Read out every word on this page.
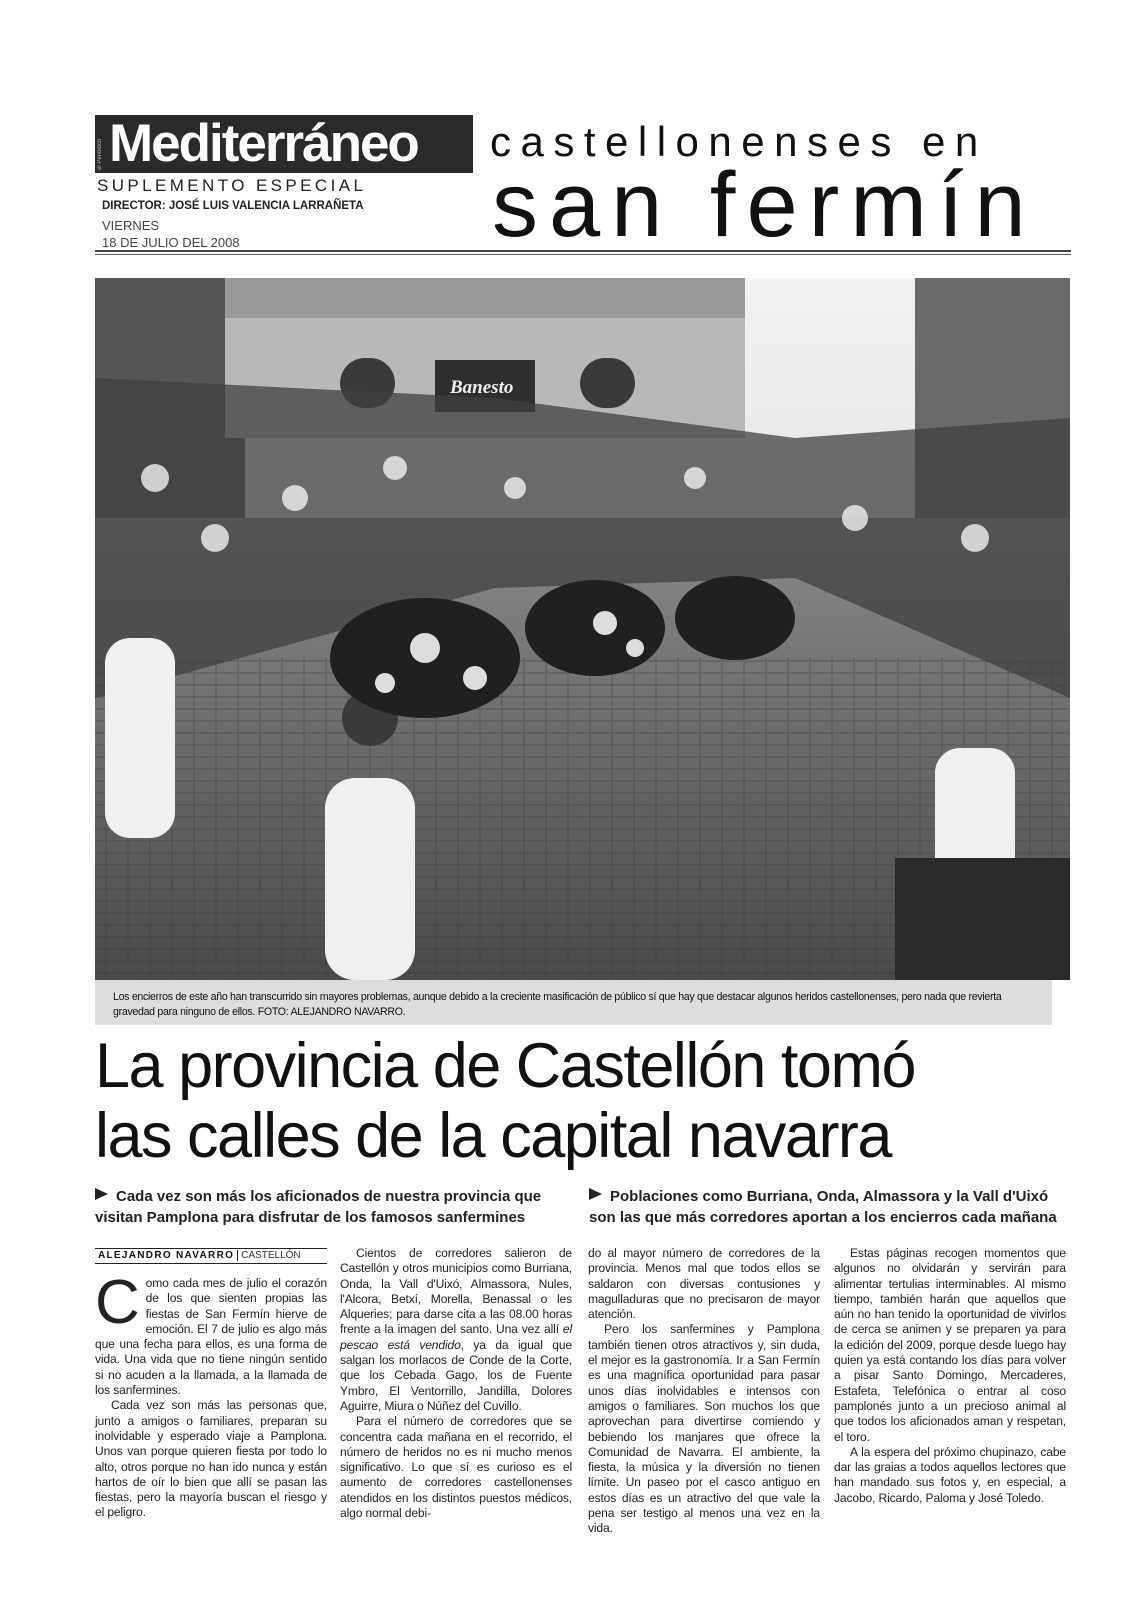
Mediterráneo
el Periódico
SUPLEMENTO ESPECIAL
DIRECTOR: JOSÉ LUIS VALENCIA LARRAÑETA
VIERNES
18 DE JULIO DEL 2008
castellonenses en
san fermín
Banesto
Los encierros de este año han transcurrido sin mayores problemas, aunque debido a la creciente masificación de público sí que hay que destacar algunos heridos castellonenses, pero nada que revierta gravedad para ninguno de ellos. FOTO: ALEJANDRO NAVARRO.
La provincia de Castellón tomó
las calles de la capital navarra
Cada vez son más los aficionados de nuestra provincia que visitan Pamplona para disfrutar de los famosos sanfermines
Poblaciones como Burriana, Onda, Almassora y la Vall d'Uixó son las que más corredores aportan a los encierros cada mañana
ALEJANDRO NAVARRO CASTELLÓN

Como cada mes de julio el corazón de los que sienten propias las fiestas de San Fermín hierve de emoción. El 7 de julio es algo más que una fecha para ellos, es una forma de vida. Una vida que no tiene ningún sentido si no acuden a la llamada, a la llamada de los sanfermines.

Cada vez son más las personas que, junto a amigos o familiares, preparan su inolvidable y esperado viaje a Pamplona. Unos van porque quieren fiesta por todo lo alto, otros porque no han ido nunca y están hartos de oír lo bien que allí se pasan las fiestas, pero la mayoría buscan el riesgo y el peligro.

Cientos de corredores salieron de Castellón y otros municipios como Burriana, Onda, la Vall d'Uixó, Almassora, Nules, l'Alcora, Betxí, Morella, Benassal o les Alqueries; para darse cita a las 08.00 horas frente a la imagen del santo. Una vez allí el pescao está vendido, ya da igual que salgan los morlacos de Conde de la Corte, que los Cebada Gago, los de Fuente Ymbro, El Ventorrillo, Jandilla, Dolores Aguirre, Miura o Núñez del Cuvillo.

Para el número de corredores que se concentra cada mañana en el recorrido, el número de heridos no es ni mucho menos significativo. Lo que sí es curioso es el aumento de corredores castellonenses atendidos en los distintos puestos médicos, algo normal debi-

do al mayor número de corredores de la provincia. Menos mal que todos ellos se saldaron con diversas contusiones y magulladuras que no precisaron de mayor atención.

Pero los sanfermines y Pamplona también tienen otros atractivos y, sin duda, el mejor es la gastronomía. Ir a San Fermín es una magnífica oportunidad para pasar unos días inolvidables e intensos con amigos o familiares. Son muchos los que aprovechan para divertirse comiendo y bebiendo los manjares que ofrece la Comunidad de Navarra. El ambiente, la fiesta, la música y la diversión no tienen límite. Un paseo por el casco antiguo en estos días es un atractivo del que vale la pena ser testigo al menos una vez en la vida.

Estas páginas recogen momentos que algunos no olvidarán y servirán para alimentar tertulias interminables. Al mismo tiempo, también harán que aquellos que aún no han tenido la oportunidad de vivirlos de cerca se animen y se preparen ya para la edición del 2009, porque desde luego hay quien ya está contando los días para volver a pisar Santo Domingo, Mercaderes, Estafeta, Telefónica o entrar al coso pamplonés junto a un precioso animal al que todos los aficionados aman y respetan, el toro.

A la espera del próximo chupinazo, cabe dar las graias a todos aquellos lectores que han mandado sus fotos y, en especial, a Jacobo, Ricardo, Paloma y José Toledo.
